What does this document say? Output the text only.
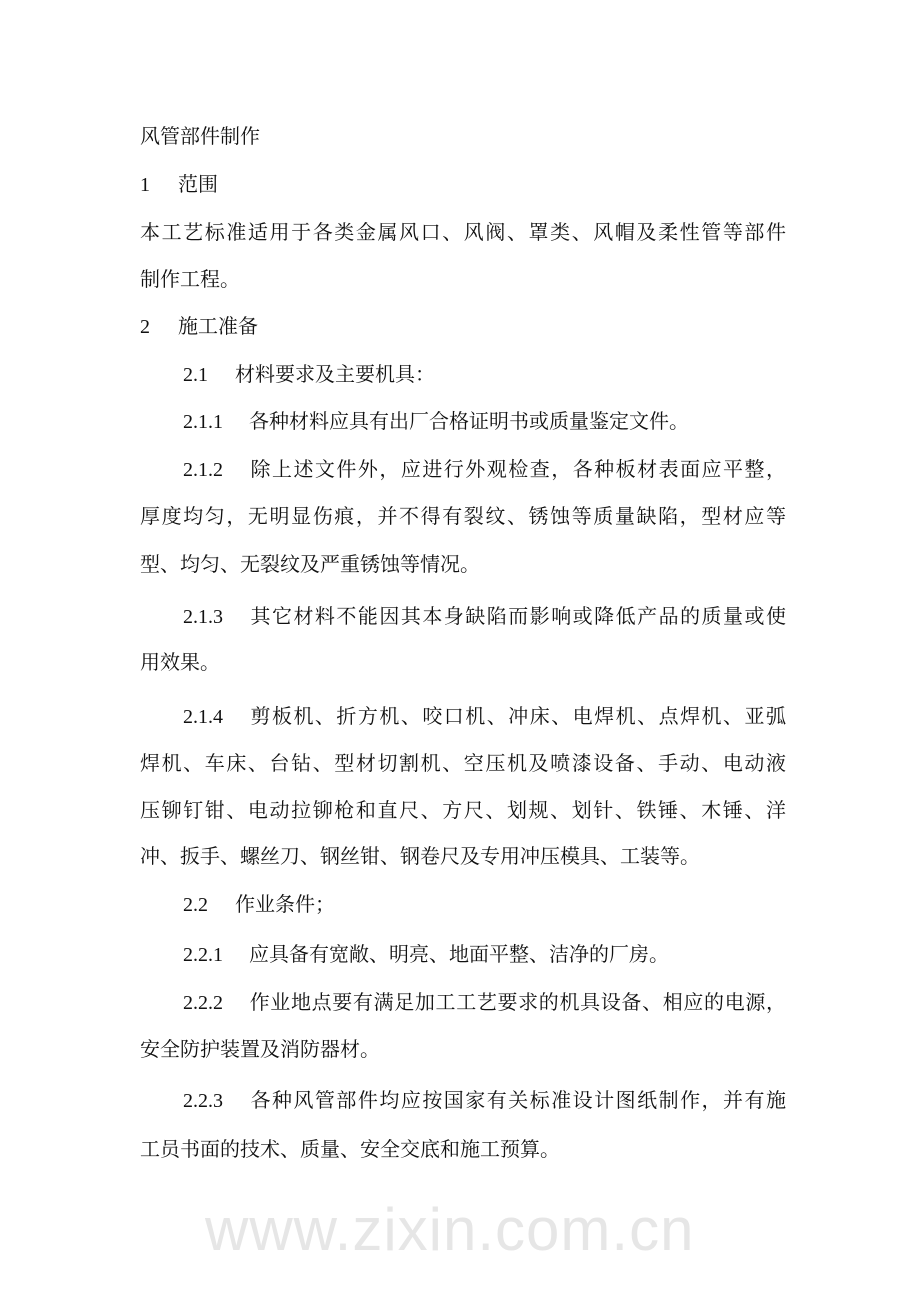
www.zixin.com.cn
风管部件制作
1 范围
本工艺标准适用于各类金属风口、风阀、罩类、风帽及柔性管等部件
制作工程。
2 施工准备
2.1 材料要求及主要机具：
2.1.1 各种材料应具有出厂合格证明书或质量鉴定文件。
2.1.2 除上述文件外，应进行外观检查，各种板材表面应平整，
厚度均匀，无明显伤痕，并不得有裂纹、锈蚀等质量缺陷，型材应等
型、均匀、无裂纹及严重锈蚀等情况。
2.1.3 其它材料不能因其本身缺陷而影响或降低产品的质量或使
用效果。
2.1.4 剪板机、折方机、咬口机、冲床、电焊机、点焊机、亚弧
焊机、车床、台钻、型材切割机、空压机及喷漆设备、手动、电动液
压铆钉钳、电动拉铆枪和直尺、方尺、划规、划针、铁锤、木锤、洋
冲、扳手、螺丝刀、钢丝钳、钢卷尺及专用冲压模具、工装等。
2.2 作业条件；
2.2.1 应具备有宽敞、明亮、地面平整、洁净的厂房。
2.2.2 作业地点要有满足加工工艺要求的机具设备、相应的电源，
安全防护装置及消防器材。
2.2.3 各种风管部件均应按国家有关标准设计图纸制作，并有施
工员书面的技术、质量、安全交底和施工预算。
